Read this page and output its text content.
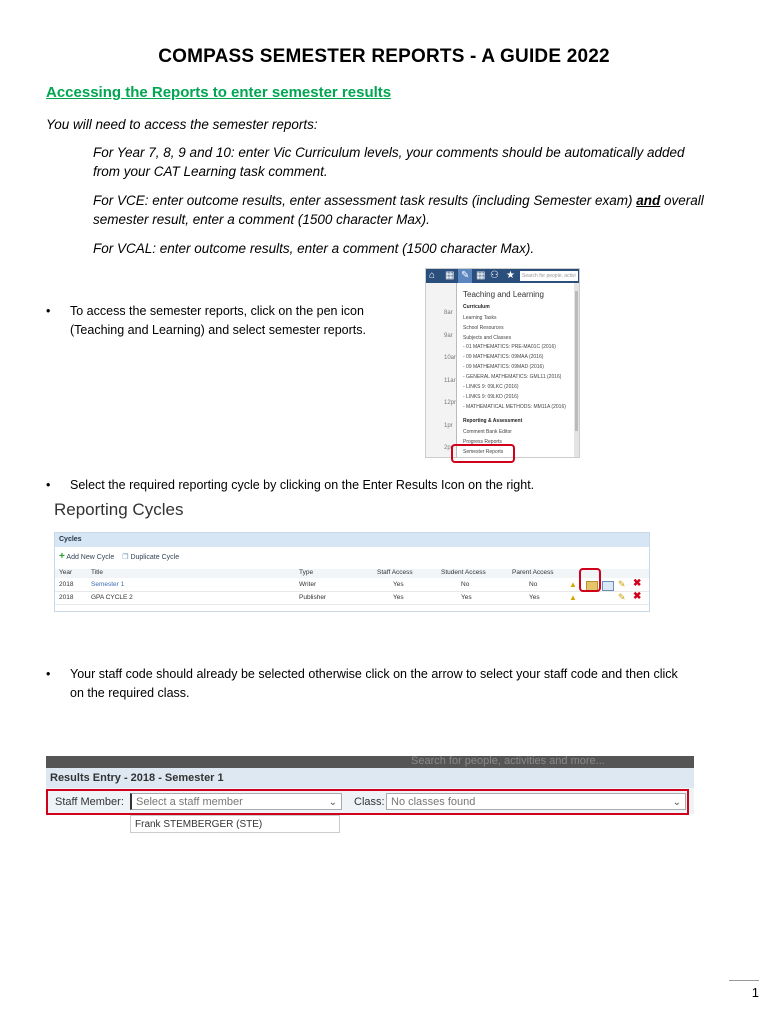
COMPASS SEMESTER REPORTS - A GUIDE 2022
Accessing the Reports to enter semester results
You will need to access the semester reports:
For Year 7, 8, 9 and 10: enter Vic Curriculum levels, your comments should be automatically added
from your CAT Learning task comment.
For VCE: enter outcome results, enter assessment task results (including Semester exam) and overall
semester result, enter a comment (1500 character Max).
For VCAL: enter outcome results, enter a comment (1500 character Max).
• To access the semester reports, click on the pen icon
(Teaching and Learning) and select semester reports.
⌂ ▦ ✎ ▦ ⚇ ★	Search for people, activi
8ar
9ar
10ar
11ar
12pr
1pr
2pr
Teaching and Learning
Curriculum
Learning Tasks
School Resources
Subjects and Classes
- 01 MATHEMATICS: PRE-MA01C (2016)
- 09 MATHEMATICS: 09MAA (2016)
- 09 MATHEMATICS: 09MAD (2016)
- GENERAL MATHEMATICS: GML11 (2016)
- LINKS 9: 09LKC (2016)
- LINKS 9: 09LKD (2016)
- MATHEMATICAL METHODS: MM11A (2016)
Reporting & Assessment
Comment Bank Editor
Progress Reports
Semester Reports
• Select the required reporting cycle by clicking on the Enter Results Icon on the right.
Reporting Cycles
Cycles
+ Add New Cycle ❐ Duplicate Cycle
Year	Title	Type	Staff Access	Student Access	Parent Access
2018	Semester 1	Writer	Yes	No	No	▲	✎ ✖
2018	GPA CYCLE 2	Publisher	Yes	Yes	Yes	▲	✎ ✖
• Your staff code should already be selected otherwise click on the arrow to select your staff code and then click
on the required class.
Search for people, activities and more...
Results Entry - 2018 - Semester 1
Staff Member:	Select a staff member	⌄ Class: No classes found	⌄
Frank STEMBERGER (STE)
1
